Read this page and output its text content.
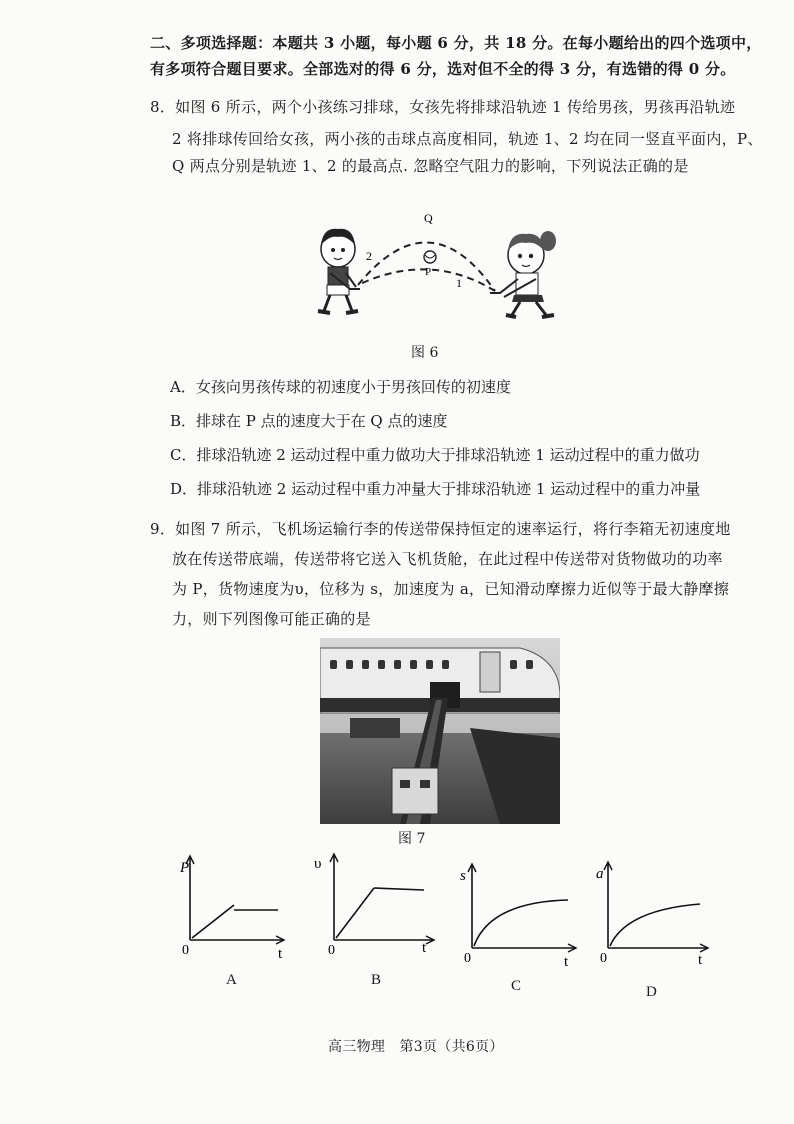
二、多项选择题：本题共 3 小题，每小题 6 分，共 18 分。在每小题给出的四个选项中，
有多项符合题目要求。全部选对的得 6 分，选对但不全的得 3 分，有选错的得 0 分。
8．如图 6 所示，两个小孩练习排球，女孩先将排球沿轨迹 1 传给男孩，男孩再沿轨迹
2 将排球传回给女孩，两小孩的击球点高度相同，轨迹 1、2 均在同一竖直平面内，P、
Q 两点分别是轨迹 1、2 的最高点. 忽略空气阻力的影响，下列说法正确的是
Q
P
1
2
图 6
A．女孩向男孩传球的初速度小于男孩回传的初速度
B．排球在 P 点的速度大于在 Q 点的速度
C．排球沿轨迹 2 运动过程中重力做功大于排球沿轨迹 1 运动过程中的重力做功
D．排球沿轨迹 2 运动过程中重力冲量大于排球沿轨迹 1 运动过程中的重力冲量
9．如图 7 所示，飞机场运输行李的传送带保持恒定的速率运行，将行李箱无初速度地
放在传送带底端，传送带将它送入飞机货舱，在此过程中传送带对货物做功的功率
为 P，货物速度为υ，位移为 s，加速度为 a，已知滑动摩擦力近似等于最大静摩擦
力，则下列图像可能正确的是
图 7
P
0	t
A
υ
0	t
B
s
0	t
C
a
0	t
D
高三物理　第3页（共6页）
